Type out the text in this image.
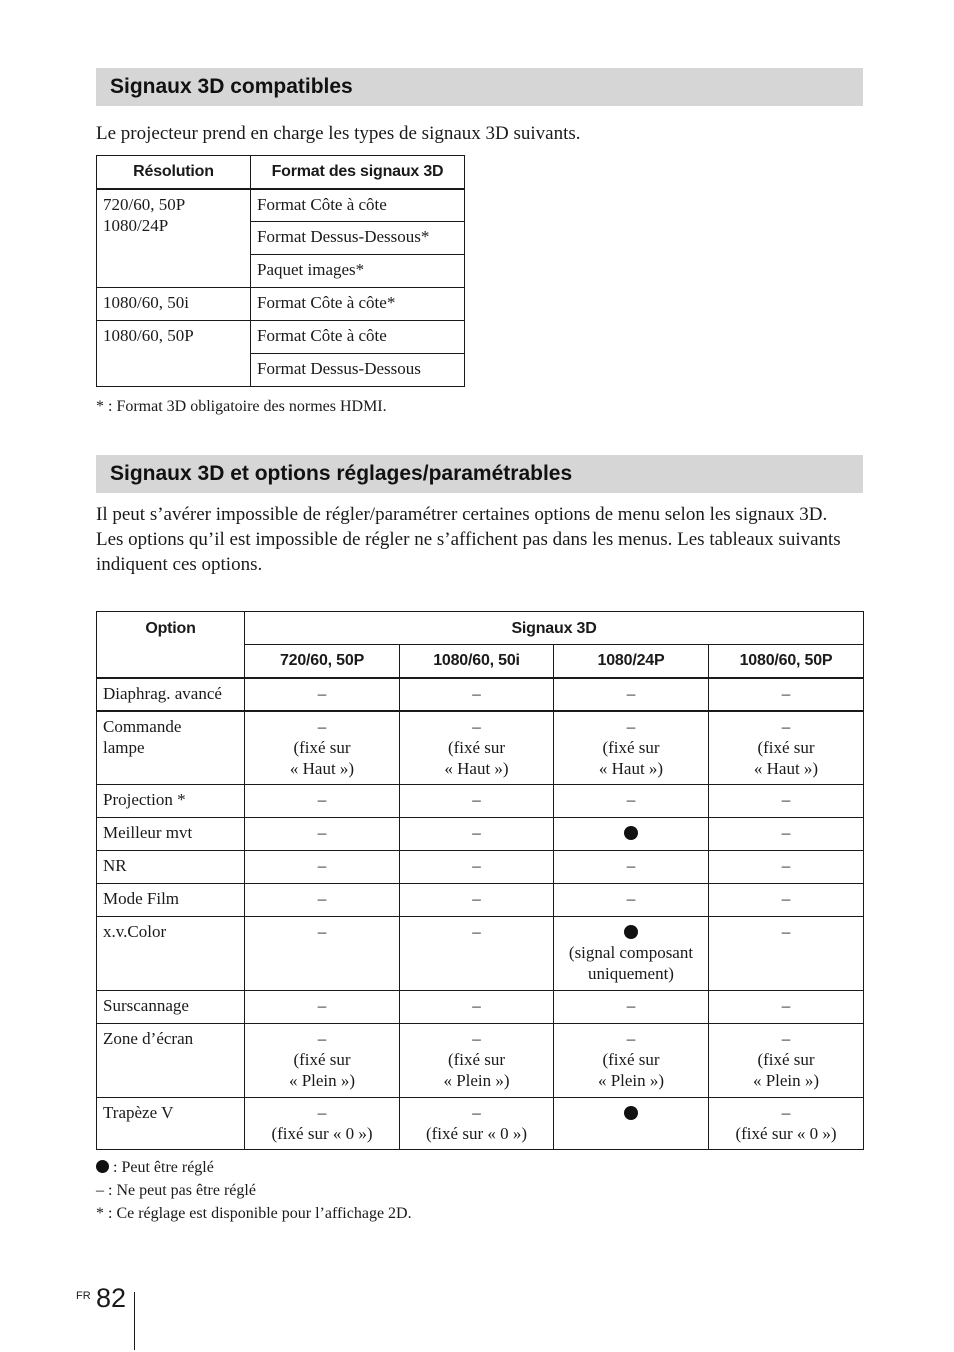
Signaux 3D compatibles
Le projecteur prend en charge les types de signaux 3D suivants.
Résolution	Format des signaux 3D
720/60, 50P
1080/24P	Format Côte à côte
	Format Dessus-Dessous*
	Paquet images*
1080/60, 50i	Format Côte à côte*
1080/60, 50P	Format Côte à côte
	Format Dessus-Dessous
* : Format 3D obligatoire des normes HDMI.
Signaux 3D et options réglages/paramétrables
Il peut s’avérer impossible de régler/paramétrer certaines options de menu selon les signaux 3D.
Les options qu’il est impossible de régler ne s’affichent pas dans les menus. Les tableaux suivants indiquent ces options.
Option	Signaux 3D			
	720/60, 50P	1080/60, 50i	1080/24P	1080/60, 50P
Diaphrag. avancé	–	–	–	–
Commande
lampe	–
(fixé sur
« Haut »)	–
(fixé sur
« Haut »)	–
(fixé sur
« Haut »)	–
(fixé sur
« Haut »)
Projection *	–	–	–	–
Meilleur mvt	–	–		–
NR	–	–	–	–
Mode Film	–	–	–	–
x.v.Color	–	–	(signal composant
uniquement)	–
Surscannage	–	–	–	–
Zone d’écran	–
(fixé sur
« Plein »)	–
(fixé sur
« Plein »)	–
(fixé sur
« Plein »)	–
(fixé sur
« Plein »)
Trapèze V	–
(fixé sur « 0 »)	–
(fixé sur « 0 »)		–
(fixé sur « 0 »)
: Peut être réglé
– : Ne peut pas être réglé
* : Ce réglage est disponible pour l’affichage 2D.
FR 82
